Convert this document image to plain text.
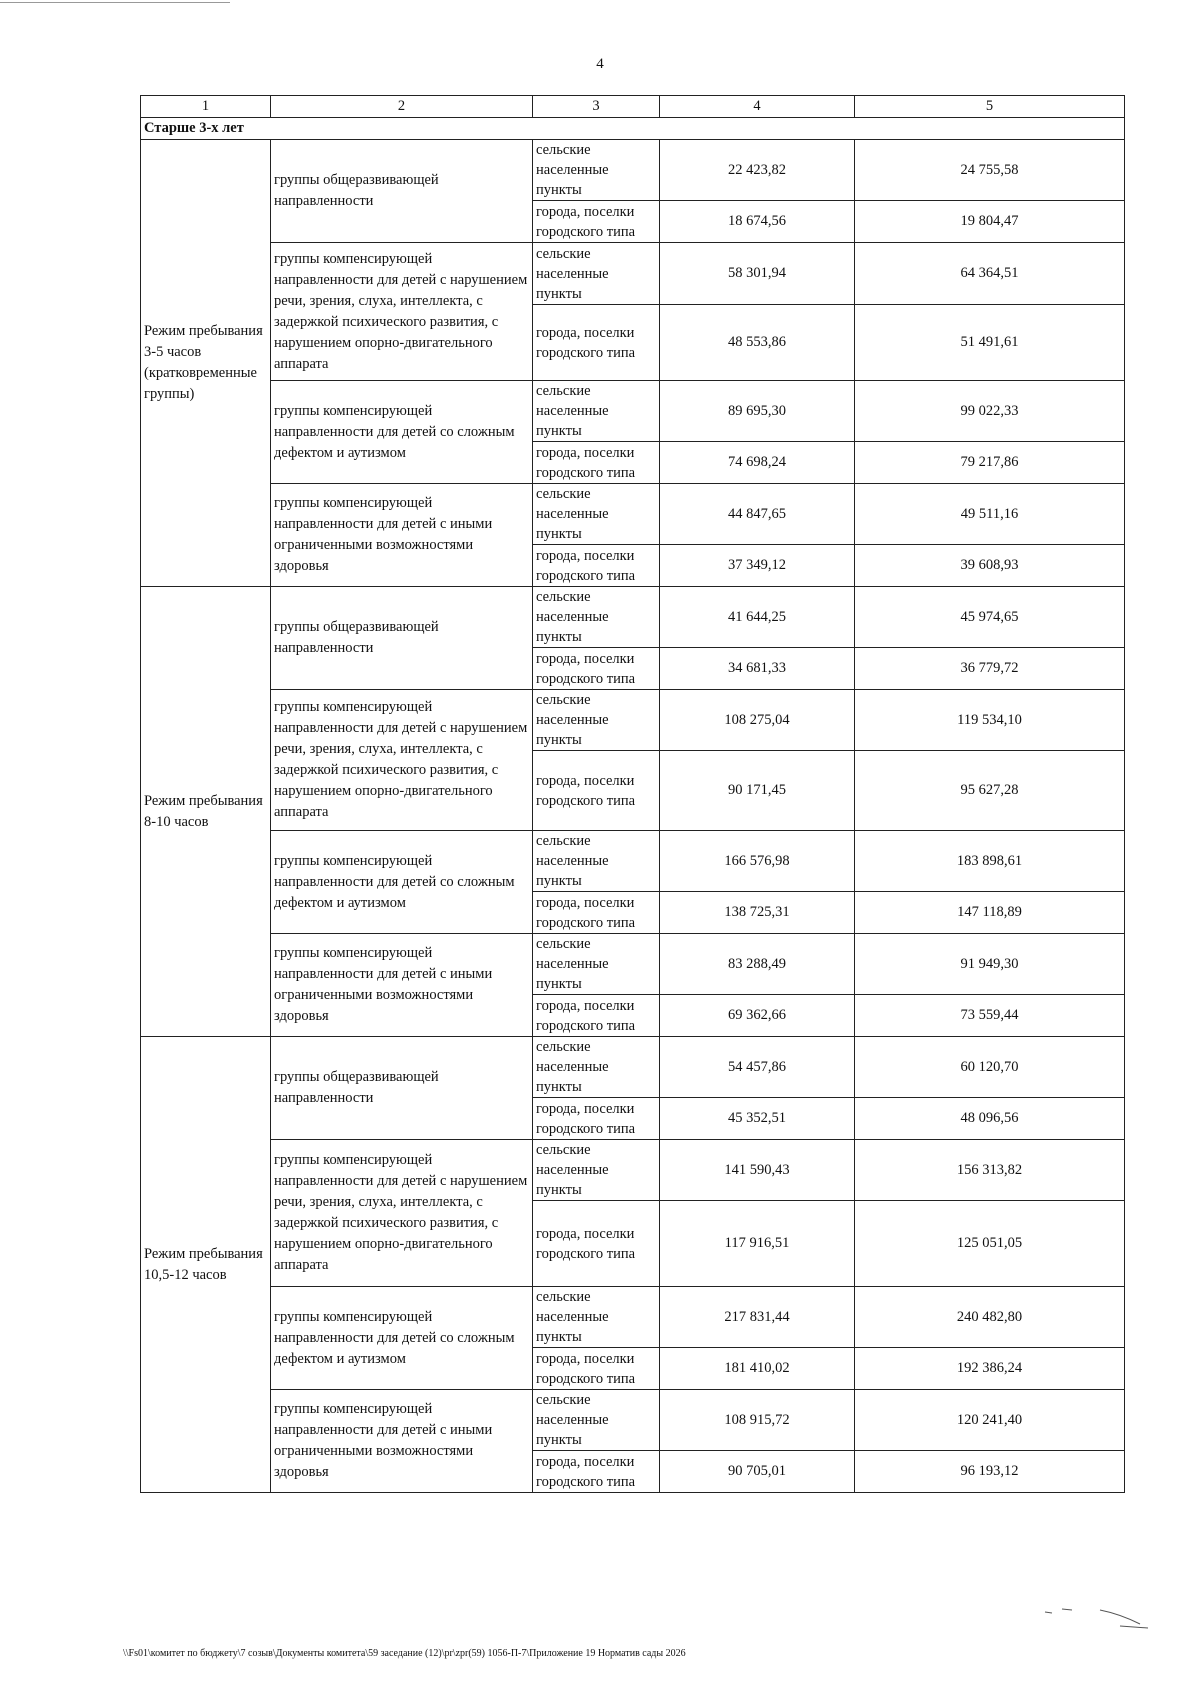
4
1	2	3	4	5
Старше 3-х лет				
Режим пребывания 3-5 часов (кратковременные группы)	группы общеразвивающей направленности	сельские населенные пункты	22 423,82	24 755,58
		города, поселки городского типа	18 674,56	19 804,47
	группы компенсирующей направленности для детей с нарушением речи, зрения, слуха, интеллекта, с задержкой психического развития, с нарушением опорно-двигательного аппарата	сельские населенные пункты	58 301,94	64 364,51
		города, поселки городского типа	48 553,86	51 491,61
	группы компенсирующей направленности для детей со сложным дефектом и аутизмом	сельские населенные пункты	89 695,30	99 022,33
		города, поселки городского типа	74 698,24	79 217,86
	группы компенсирующей направленности для детей с иными ограниченными возможностями здоровья	сельские населенные пункты	44 847,65	49 511,16
		города, поселки городского типа	37 349,12	39 608,93
Режим пребывания 8-10 часов	группы общеразвивающей направленности	сельские населенные пункты	41 644,25	45 974,65
		города, поселки городского типа	34 681,33	36 779,72
	группы компенсирующей направленности для детей с нарушением речи, зрения, слуха, интеллекта, с задержкой психического развития, с нарушением опорно-двигательного аппарата	сельские населенные пункты	108 275,04	119 534,10
		города, поселки городского типа	90 171,45	95 627,28
	группы компенсирующей направленности для детей со сложным дефектом и аутизмом	сельские населенные пункты	166 576,98	183 898,61
		города, поселки городского типа	138 725,31	147 118,89
	группы компенсирующей направленности для детей с иными ограниченными возможностями здоровья	сельские населенные пункты	83 288,49	91 949,30
		города, поселки городского типа	69 362,66	73 559,44
Режим пребывания 10,5-12 часов	группы общеразвивающей направленности	сельские населенные пункты	54 457,86	60 120,70
		города, поселки городского типа	45 352,51	48 096,56
	группы компенсирующей направленности для детей с нарушением речи, зрения, слуха, интеллекта, с задержкой психического развития, с нарушением опорно-двигательного аппарата	сельские населенные пункты	141 590,43	156 313,82
		города, поселки городского типа	117 916,51	125 051,05
	группы компенсирующей направленности для детей со сложным дефектом и аутизмом	сельские населенные пункты	217 831,44	240 482,80
		города, поселки городского типа	181 410,02	192 386,24
	группы компенсирующей направленности для детей с иными ограниченными возможностями здоровья	сельские населенные пункты	108 915,72	120 241,40
		города, поселки городского типа	90 705,01	96 193,12
\\Fs01\комитет по бюджету\7 созыв\Документы комитета\59 заседание (12)\pr\zpr(59) 1056-П-7\Приложение 19 Норматив сады 2026
